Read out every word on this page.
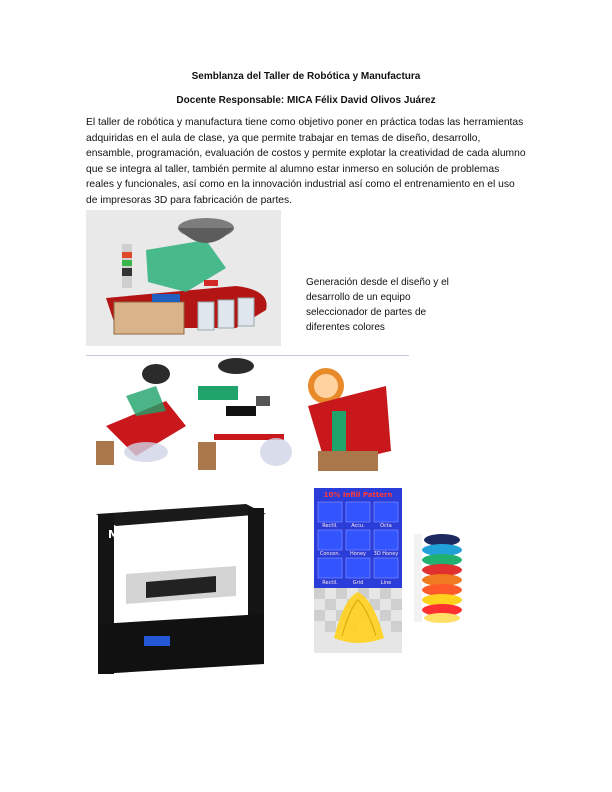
Semblanza del Taller de Robótica y Manufactura
Docente Responsable: MICA Félix David Olivos Juárez
El taller de robótica y manufactura tiene como objetivo poner en práctica todas las herramientas adquiridas en el aula de clase, ya que permite trabajar en temas de diseño, desarrollo, ensamble, programación, evaluación de costos y permite explotar la creatividad de cada alumno que se integra al taller, también permite al alumno estar inmerso en solución de problemas reales y funcionales, así como en la innovación industrial así como el entrenamiento en el uso de impresoras 3D para fabricación de partes.
Generación desde el diseño y el desarrollo de un equipo seleccionador de partes de diferentes colores
MINIFAB3D
10% Infill Pattern
Rectil.	Accu.	Octa
Concen. Honey 3D Honey
Rectil.	Grid	Line
